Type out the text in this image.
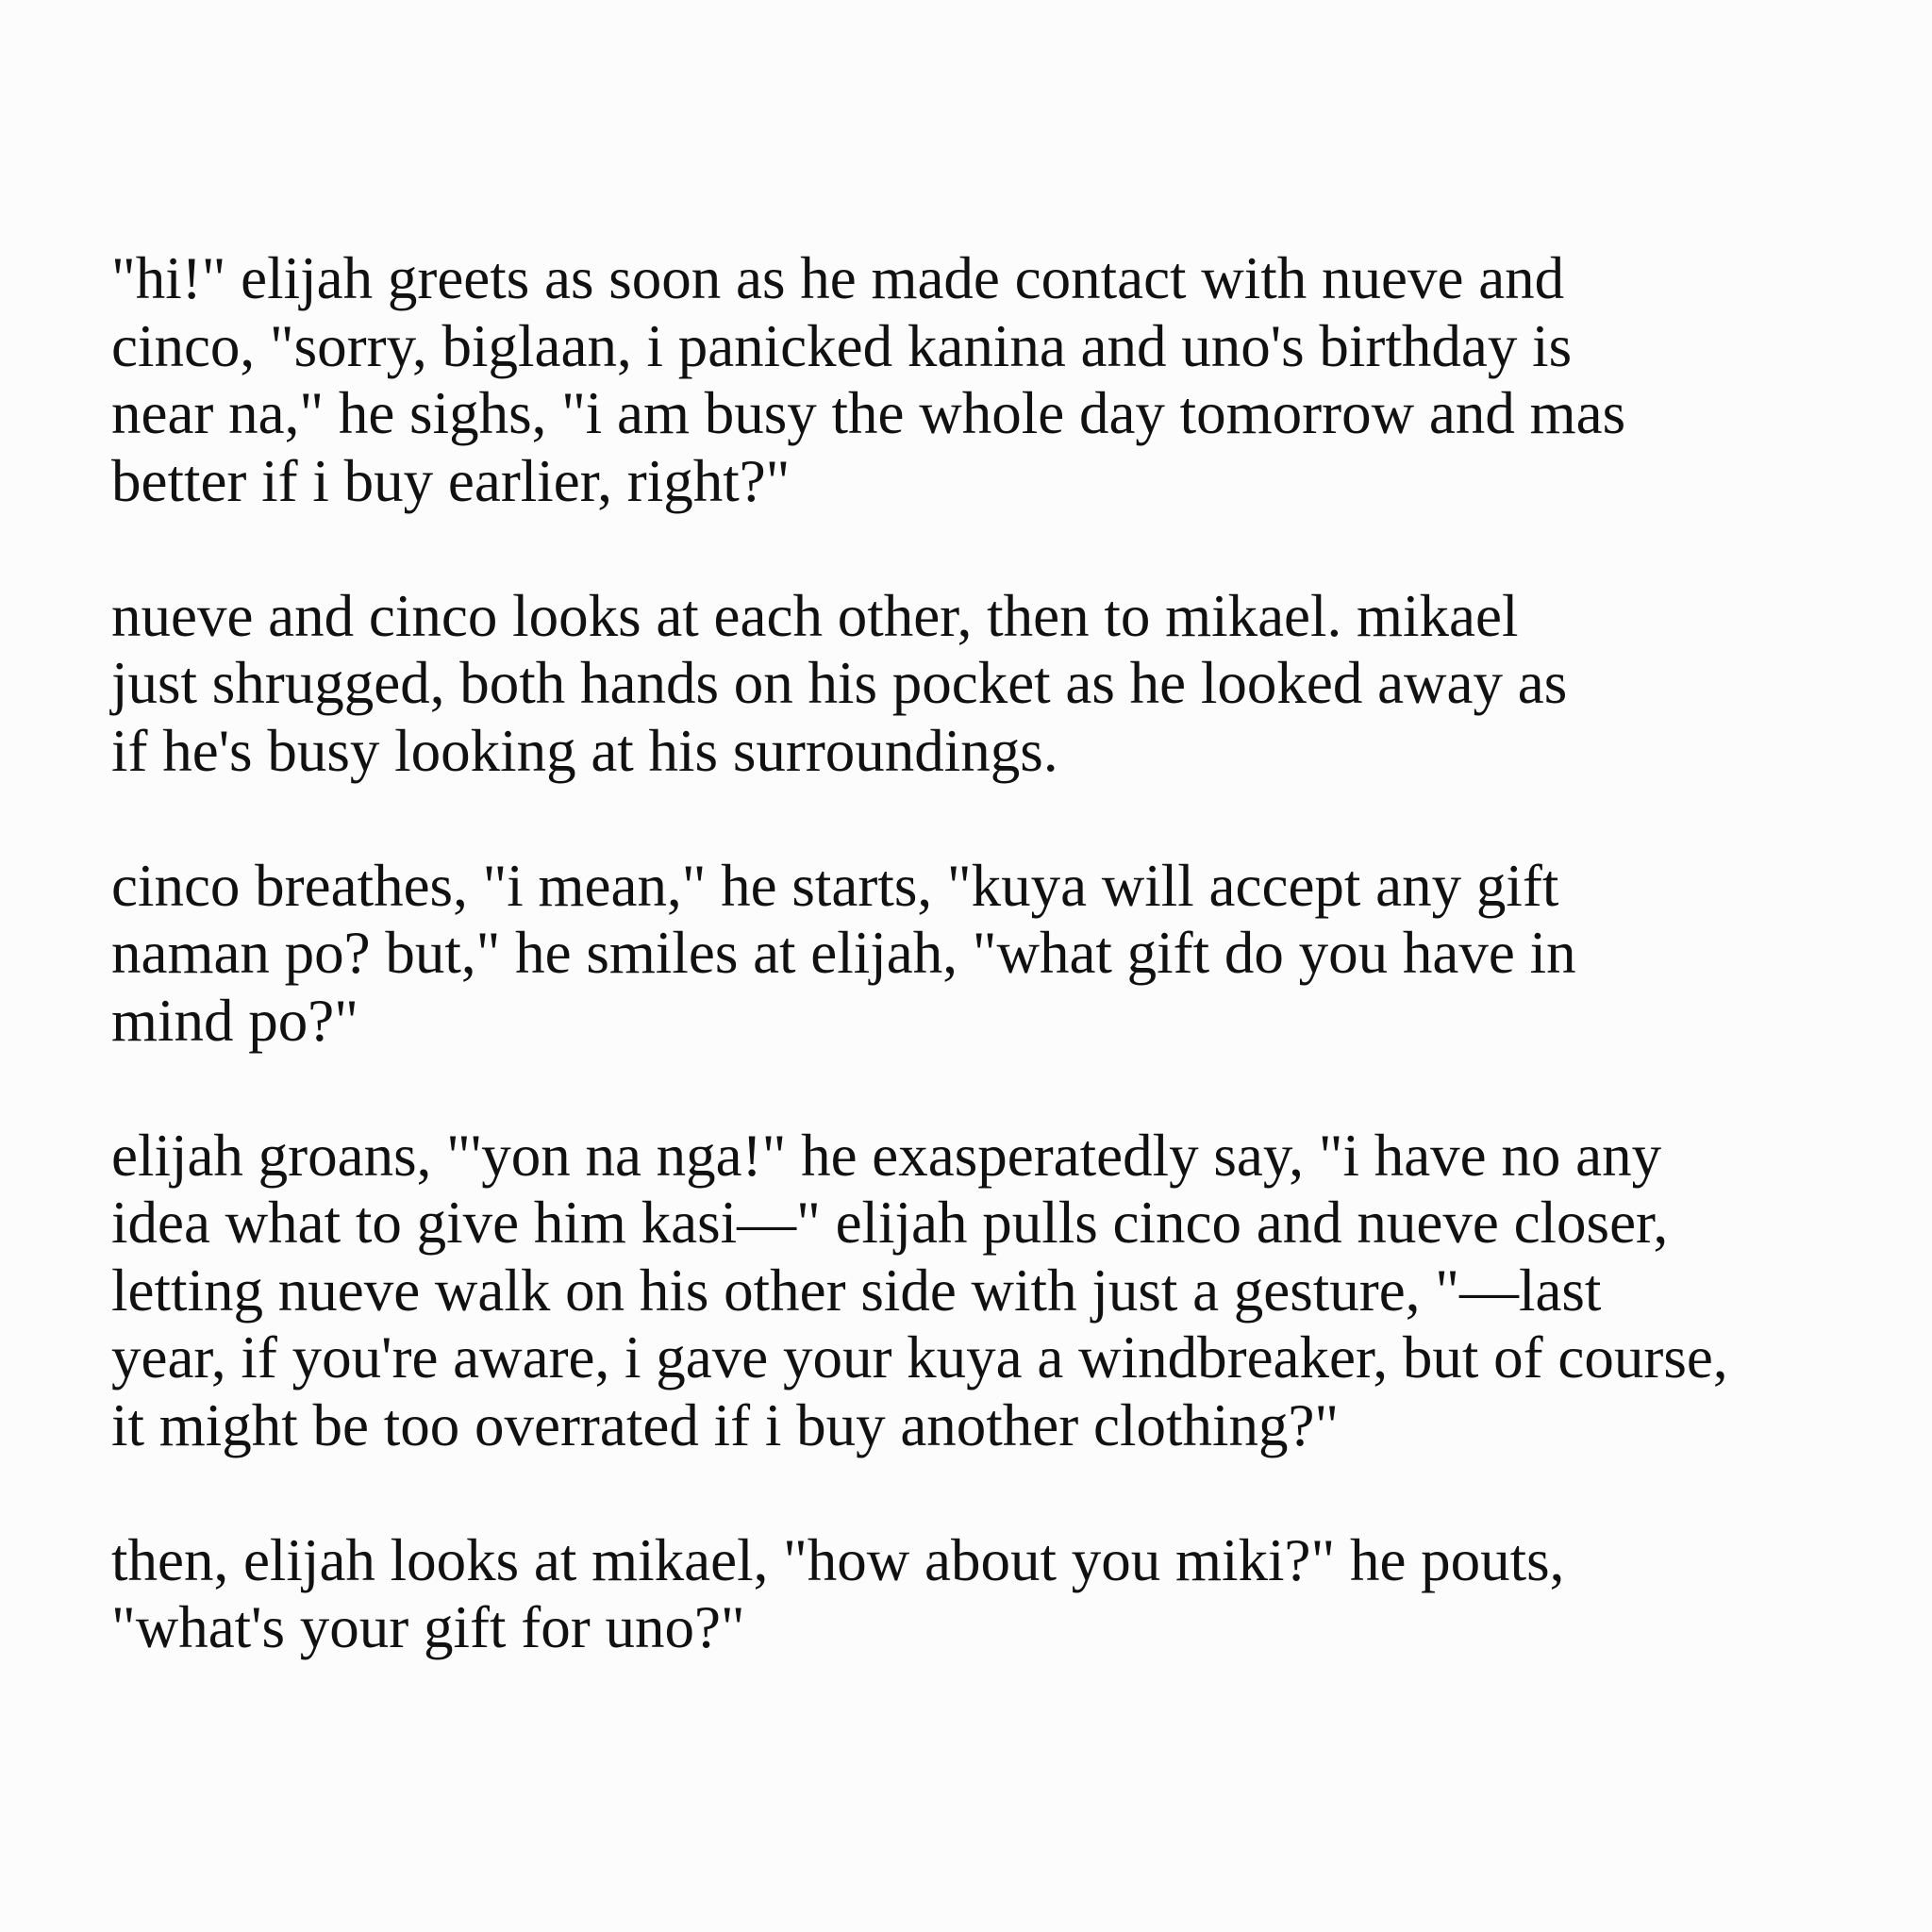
"hi!" elijah greets as soon as he made contact with nueve and
cinco, "sorry, biglaan, i panicked kanina and uno's birthday is
near na," he sighs, "i am busy the whole day tomorrow and mas
better if i buy earlier, right?"

nueve and cinco looks at each other, then to mikael. mikael
just shrugged, both hands on his pocket as he looked away as
if he's busy looking at his surroundings.

cinco breathes, "i mean," he starts, "kuya will accept any gift
naman po? but," he smiles at elijah, "what gift do you have in
mind po?"

elijah groans, "'yon na nga!" he exasperatedly say, "i have no any
idea what to give him kasi—" elijah pulls cinco and nueve closer,
letting nueve walk on his other side with just a gesture, "—last
year, if you're aware, i gave your kuya a windbreaker, but of course,
it might be too overrated if i buy another clothing?"

then, elijah looks at mikael, "how about you miki?" he pouts,
"what's your gift for uno?"
